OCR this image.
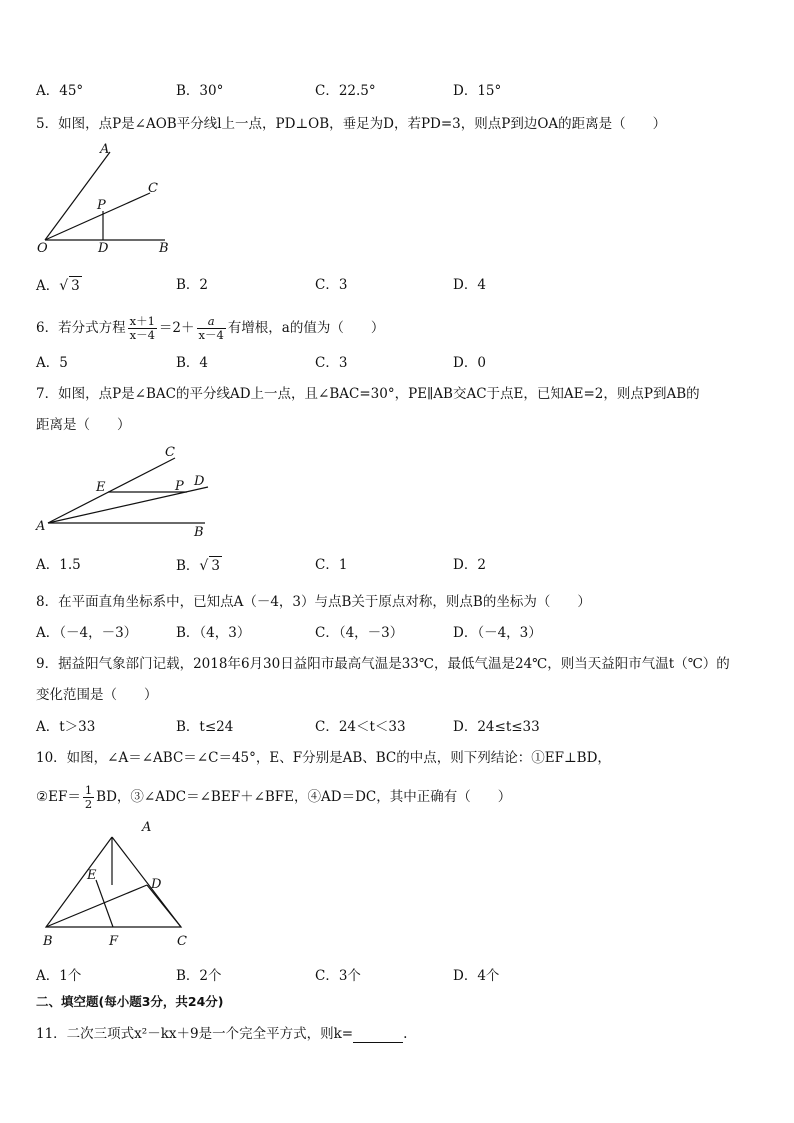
A．45°	B．30°	C．22.5°	D．15°
5．如图，点P是∠AOB平分线l上一点，PD⊥OB，垂足为D，若PD=3，则点P到边OA的距离是（　　）
A
C
P
O	D	B
A．√ 3	B．2	C．3	D．4
6．若分式方程 $\frac{x+1}{x-4} =2+ \frac{a}{x-4}$ 有增根，a的值为（　　）
A．5	B．4	C．3	D．0
7．如图，点P是∠BAC的平分线AD上一点，且∠BAC=30°，PE∥AB交AC于点E，已知AE=2，则点P到AB的
距离是（　　）
C
E	P D
A	B
A．1.5	B．√ 3	C．1	D．2
8．在平面直角坐标系中，已知点A（－4，3）与点B关于原点对称，则点B的坐标为（　　）
A．（－4，－3）	B．（4，3）	C．（4，－3）	D．（－4，3）
9．据益阳气象部门记载，2018年6月30日益阳市最高气温是33℃，最低气温是24℃，则当天益阳市气温t（℃）的
变化范围是（　　）
A．t＞33	B．t≤24	C．24＜t＜33	D．24≤t≤33
10．如图，∠A＝∠ABC＝∠C＝45°，E、F分别是AB、BC的中点，则下列结论：①EF⊥BD，
②EF＝ $\frac{1}{2}$ BD，③∠ADC＝∠BEF＋∠BFE，④AD＝DC，其中正确有（　　）
A
E
D
B	F	C
A．1个	B．2个	C．3个	D．4个
二、填空题(每小题3分，共24分)
11．二次三项式x²－kx＋9是一个完全平方式，则k=	.
